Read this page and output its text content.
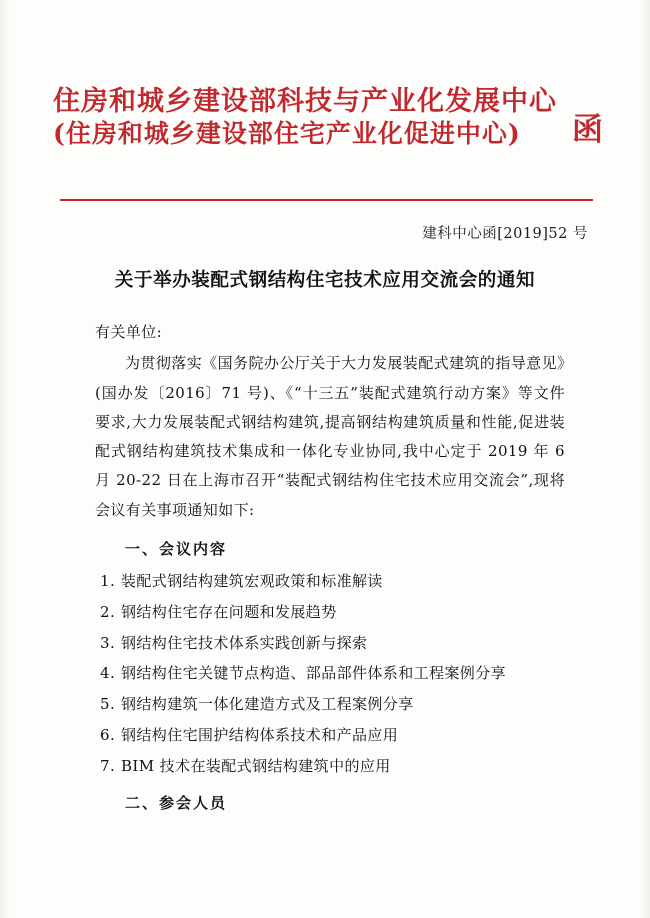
住房和城乡建设部科技与产业化发展中心
(住房和城乡建设部住宅产业化促进中心)	函
建科中心函[2019]52 号
关于举办装配式钢结构住宅技术应用交流会的通知

有关单位:

为贯彻落实《国务院办公厅关于大力发展装配式建筑的指导意见》(国办发〔2016〕71 号)、《“十三五”装配式建筑行动方案》等文件要求,大力发展装配式钢结构建筑,提高钢结构建筑质量和性能,促进装配式钢结构建筑技术集成和一体化专业协同,我中心定于 2019 年 6 月 20-22 日在上海市召开“装配式钢结构住宅技术应用交流会”,现将会议有关事项通知如下:

一、会议内容

1. 装配式钢结构建筑宏观政策和标准解读
2. 钢结构住宅存在问题和发展趋势
3. 钢结构住宅技术体系实践创新与探索
4. 钢结构住宅关键节点构造、部品部件体系和工程案例分享
5. 钢结构建筑一体化建造方式及工程案例分享
6. 钢结构住宅围护结构体系技术和产品应用
7. BIM 技术在装配式钢结构建筑中的应用

二、参会人员
